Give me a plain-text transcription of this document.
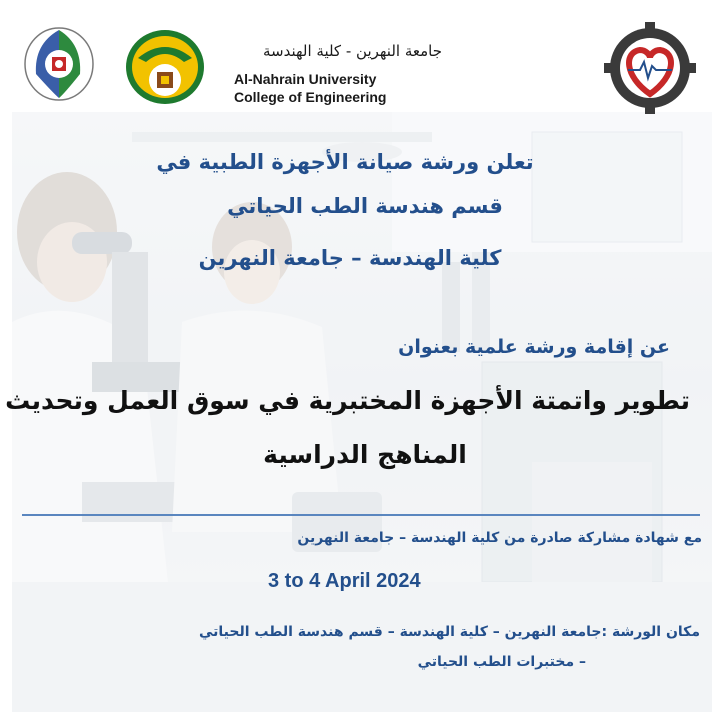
جامعة النهرين - كلية الهندسة
Al-Nahrain University
College of Engineering
تعلن ورشة صيانة الأجهزة الطبية في
قسم هندسة الطب الحياتي
كلية الهندسة – جامعة النهرين
عن إقامة ورشة علمية بعنوان
تطوير واتمتة الأجهزة المختبرية في سوق العمل وتحديث
المناهج الدراسية
مع شهادة مشاركة صادرة من كلية الهندسة – جامعة النهرين
3 to 4 April 2024
مكان الورشة :جامعة النهرين – كلية الهندسة – قسم هندسة الطب الحياتي
– مختبرات الطب الحياتي
